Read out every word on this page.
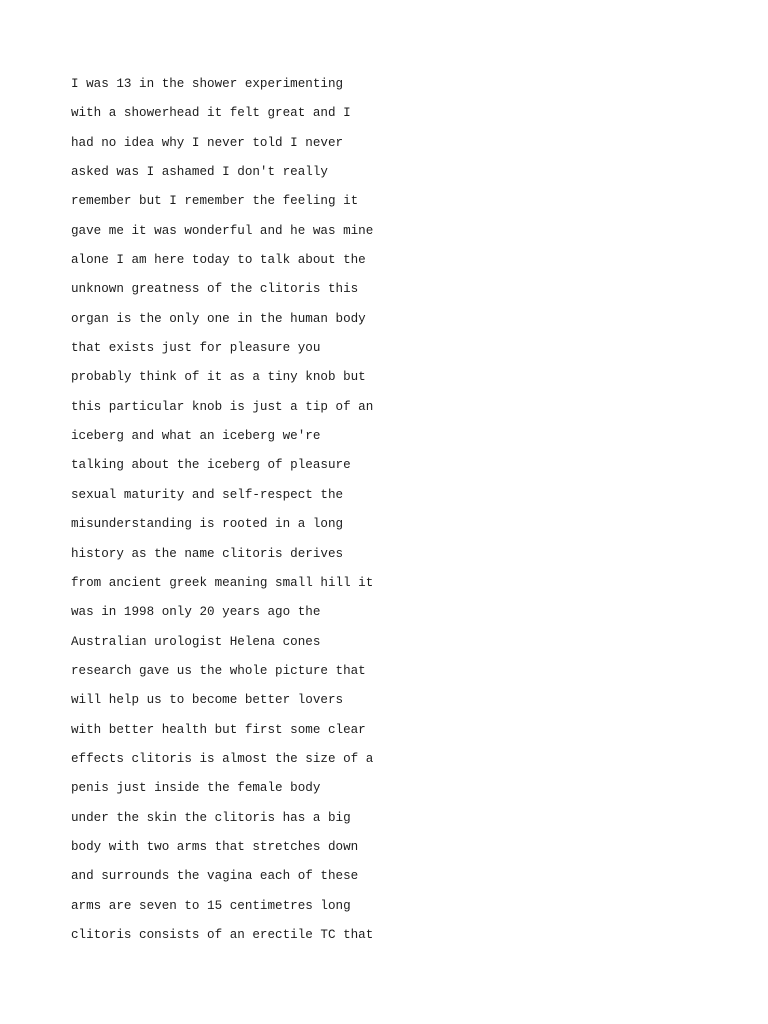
I was 13 in the shower experimenting

with a showerhead it felt great and I

had no idea why I never told I never

asked was I ashamed I don't really

remember but I remember the feeling it

gave me it was wonderful and he was mine

alone I am here today to talk about the

unknown greatness of the clitoris this

organ is the only one in the human body

that exists just for pleasure you

probably think of it as a tiny knob but

this particular knob is just a tip of an

iceberg and what an iceberg we're

talking about the iceberg of pleasure

sexual maturity and self-respect the

misunderstanding is rooted in a long

history as the name clitoris derives

from ancient greek meaning small hill it

was in 1998 only 20 years ago the

Australian urologist Helena cones

research gave us the whole picture that

will help us to become better lovers

with better health but first some clear

effects clitoris is almost the size of a

penis just inside the female body

under the skin the clitoris has a big

body with two arms that stretches down

and surrounds the vagina each of these

arms are seven to 15 centimetres long

clitoris consists of an erectile TC that
